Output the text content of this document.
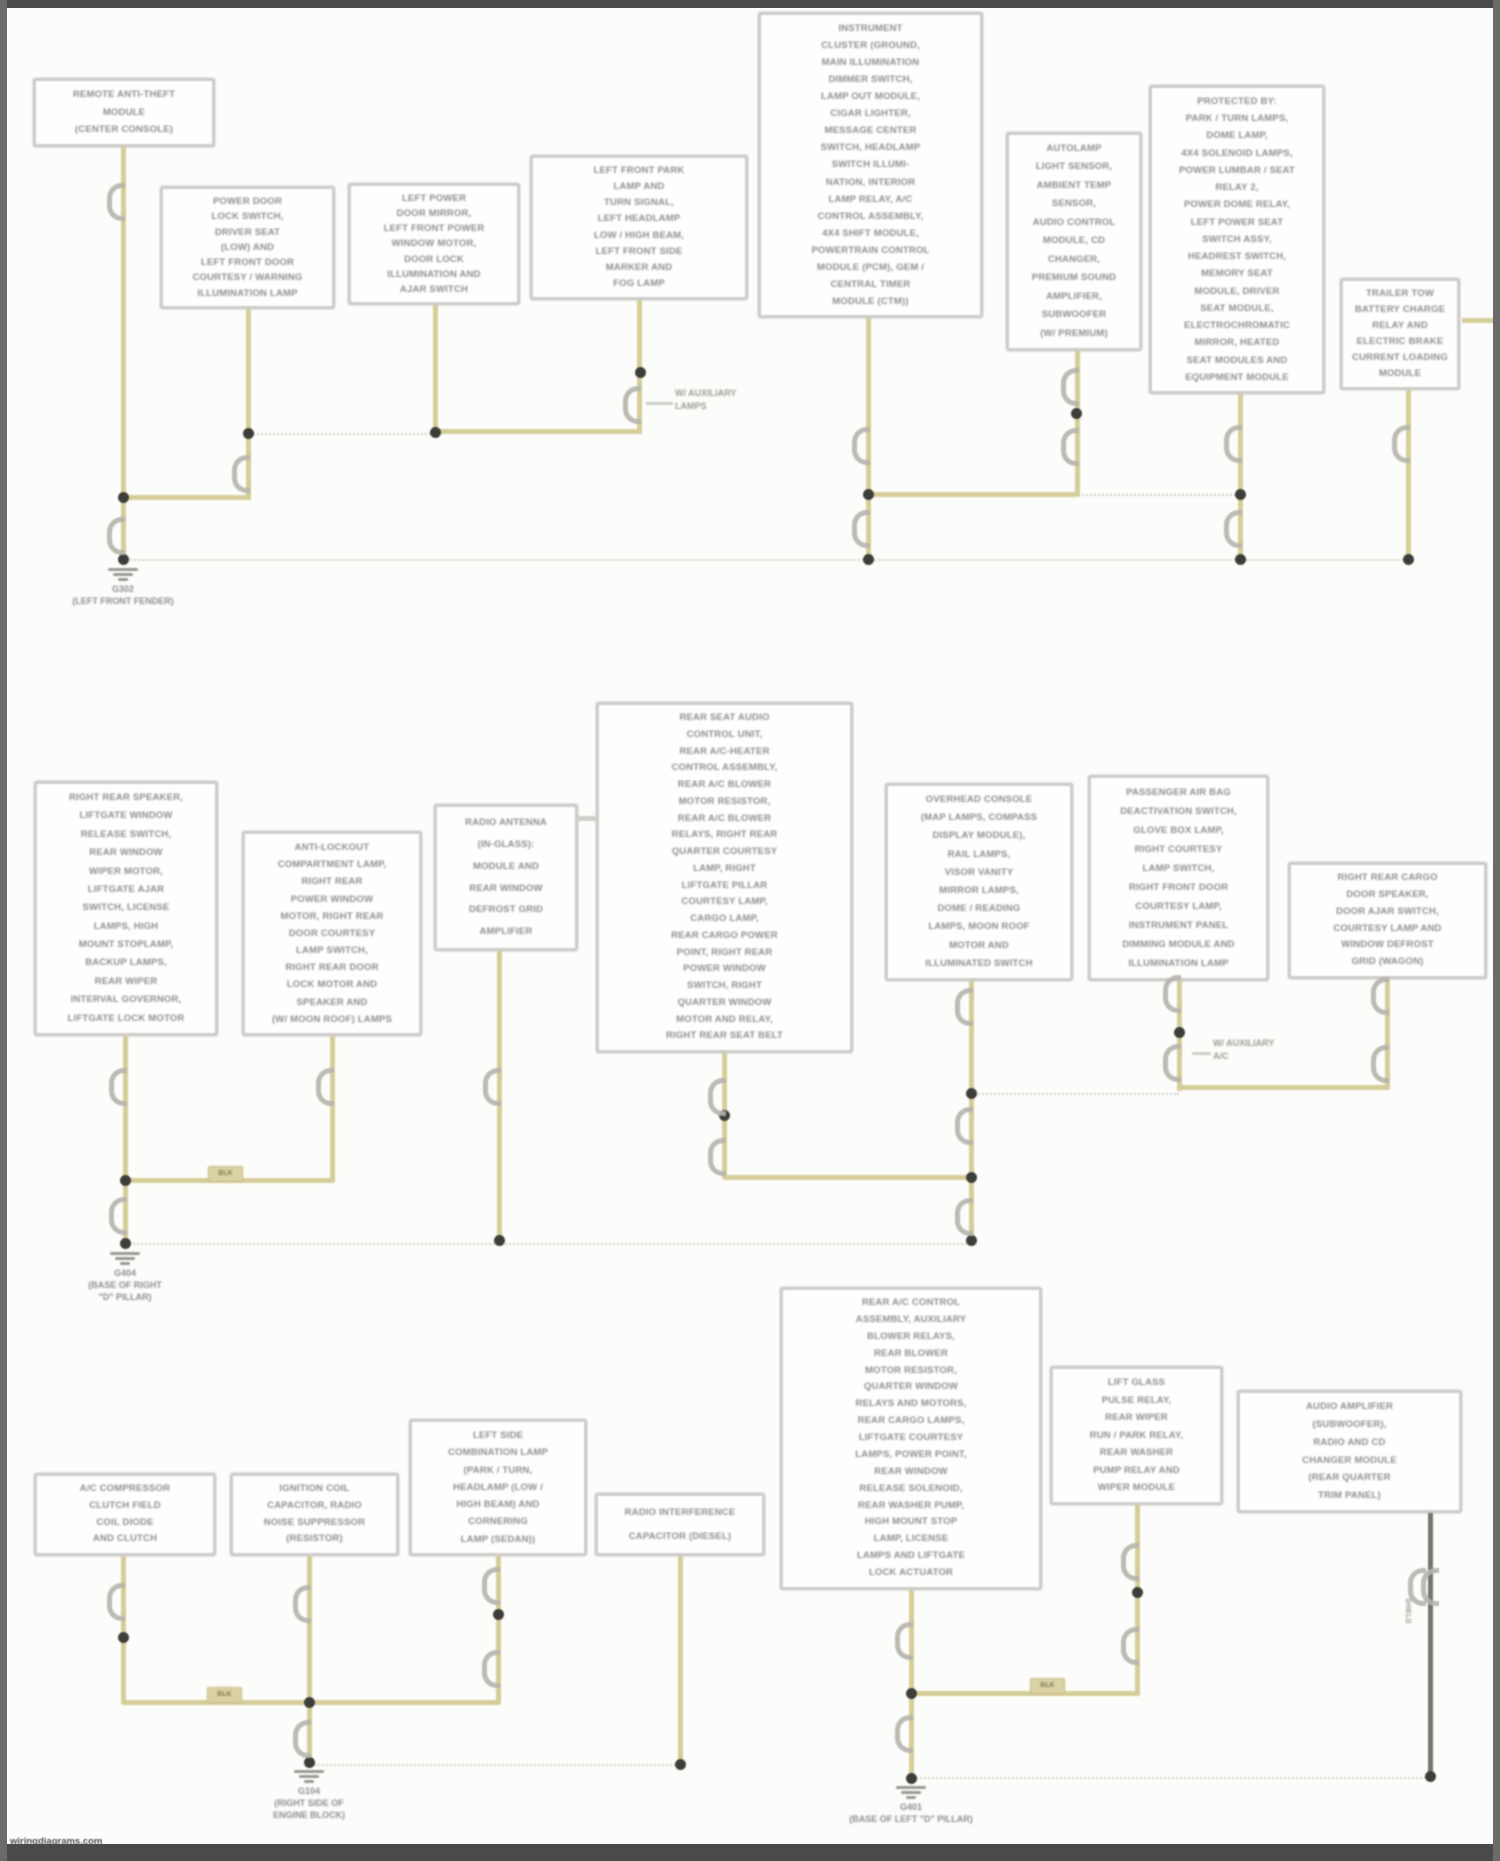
REMOTE ANTI-THEFT
MODULE
(CENTER CONSOLE)
POWER DOOR
LOCK SWITCH,
DRIVER SEAT
(LOW) AND
LEFT FRONT DOOR
COURTESY / WARNING
ILLUMINATION LAMP
LEFT POWER
DOOR MIRROR,
LEFT FRONT POWER
WINDOW MOTOR,
DOOR LOCK
ILLUMINATION AND
AJAR SWITCH
LEFT FRONT PARK
LAMP AND
TURN SIGNAL,
LEFT HEADLAMP
LOW / HIGH BEAM,
LEFT FRONT SIDE
MARKER AND
FOG LAMP
INSTRUMENT
CLUSTER (GROUND,
MAIN ILLUMINATION
DIMMER SWITCH,
LAMP OUT MODULE,
CIGAR LIGHTER,
MESSAGE CENTER
SWITCH, HEADLAMP
SWITCH ILLUMI-
NATION, INTERIOR
LAMP RELAY, A/C
CONTROL ASSEMBLY,
4X4 SHIFT MODULE,
POWERTRAIN CONTROL
MODULE (PCM), GEM /
CENTRAL TIMER
MODULE (CTM))
AUTOLAMP
LIGHT SENSOR,
AMBIENT TEMP
SENSOR,
AUDIO CONTROL
MODULE, CD
CHANGER,
PREMIUM SOUND
AMPLIFIER,
SUBWOOFER
(W/ PREMIUM)
PROTECTED BY:
PARK / TURN LAMPS,
DOME LAMP,
4X4 SOLENOID LAMPS,
POWER LUMBAR / SEAT
RELAY 2,
POWER DOME RELAY,
LEFT POWER SEAT
SWITCH ASSY,
HEADREST SWITCH,
MEMORY SEAT
MODULE, DRIVER
SEAT MODULE,
ELECTROCHROMATIC
MIRROR, HEATED
SEAT MODULES AND
EQUIPMENT MODULE
TRAILER TOW
BATTERY CHARGE
RELAY AND
ELECTRIC BRAKE
CURRENT LOADING
MODULE
RIGHT REAR SPEAKER,
LIFTGATE WINDOW
RELEASE SWITCH,
REAR WINDOW
WIPER MOTOR,
LIFTGATE AJAR
SWITCH, LICENSE
LAMPS, HIGH
MOUNT STOPLAMP,
BACKUP LAMPS,
REAR WIPER
INTERVAL GOVERNOR,
LIFTGATE LOCK MOTOR
ANTI-LOCKOUT
COMPARTMENT LAMP,
RIGHT REAR
POWER WINDOW
MOTOR, RIGHT REAR
DOOR COURTESY
LAMP SWITCH,
RIGHT REAR DOOR
LOCK MOTOR AND
SPEAKER AND
(W/ MOON ROOF) LAMPS
RADIO ANTENNA
(IN-GLASS):
MODULE AND
REAR WINDOW
DEFROST GRID
AMPLIFIER
REAR SEAT AUDIO
CONTROL UNIT,
REAR A/C-HEATER
CONTROL ASSEMBLY,
REAR A/C BLOWER
MOTOR RESISTOR,
REAR A/C BLOWER
RELAYS, RIGHT REAR
QUARTER COURTESY
LAMP, RIGHT
LIFTGATE PILLAR
COURTESY LAMP,
CARGO LAMP,
REAR CARGO POWER
POINT, RIGHT REAR
POWER WINDOW
SWITCH, RIGHT
QUARTER WINDOW
MOTOR AND RELAY,
RIGHT REAR SEAT BELT
OVERHEAD CONSOLE
(MAP LAMPS, COMPASS
DISPLAY MODULE),
RAIL LAMPS,
VISOR VANITY
MIRROR LAMPS,
DOME / READING
LAMPS, MOON ROOF
MOTOR AND
ILLUMINATED SWITCH
PASSENGER AIR BAG
DEACTIVATION SWITCH,
GLOVE BOX LAMP,
RIGHT COURTESY
LAMP SWITCH,
RIGHT FRONT DOOR
COURTESY LAMP,
INSTRUMENT PANEL
DIMMING MODULE AND
ILLUMINATION LAMP
RIGHT REAR CARGO
DOOR SPEAKER,
DOOR AJAR SWITCH,
COURTESY LAMP AND
WINDOW DEFROST
GRID (WAGON)
A/C COMPRESSOR
CLUTCH FIELD
COIL DIODE
AND CLUTCH
IGNITION COIL
CAPACITOR, RADIO
NOISE SUPPRESSOR
(RESISTOR)
LEFT SIDE
COMBINATION LAMP
(PARK / TURN,
HEADLAMP (LOW /
HIGH BEAM) AND
CORNERING
LAMP (SEDAN))
RADIO INTERFERENCE
CAPACITOR (DIESEL)
REAR A/C CONTROL
ASSEMBLY, AUXILIARY
BLOWER RELAYS,
REAR BLOWER
MOTOR RESISTOR,
QUARTER WINDOW
RELAYS AND MOTORS,
REAR CARGO LAMPS,
LIFTGATE COURTESY
LAMPS, POWER POINT,
REAR WINDOW
RELEASE SOLENOID,
REAR WASHER PUMP,
HIGH MOUNT STOP
LAMP, LICENSE
LAMPS AND LIFTGATE
LOCK ACTUATOR
LIFT GLASS
PULSE RELAY,
REAR WIPER
RUN / PARK RELAY,
REAR WASHER
PUMP RELAY AND
WIPER MODULE
AUDIO AMPLIFIER
(SUBWOOFER),
RADIO AND CD
CHANGER MODULE
(REAR QUARTER
TRIM PANEL)
BLK
BLK
BLK
G302
(LEFT FRONT FENDER)
G404
(BASE OF RIGHT
"D" PILLAR)
G104
(RIGHT SIDE OF
ENGINE BLOCK)
G401
(BASE OF LEFT "D" PILLAR)
W/ AUXILIARY
LAMPS
W/ AUXILIARY
A/C
SHIELD
wiringdiagrams.com
